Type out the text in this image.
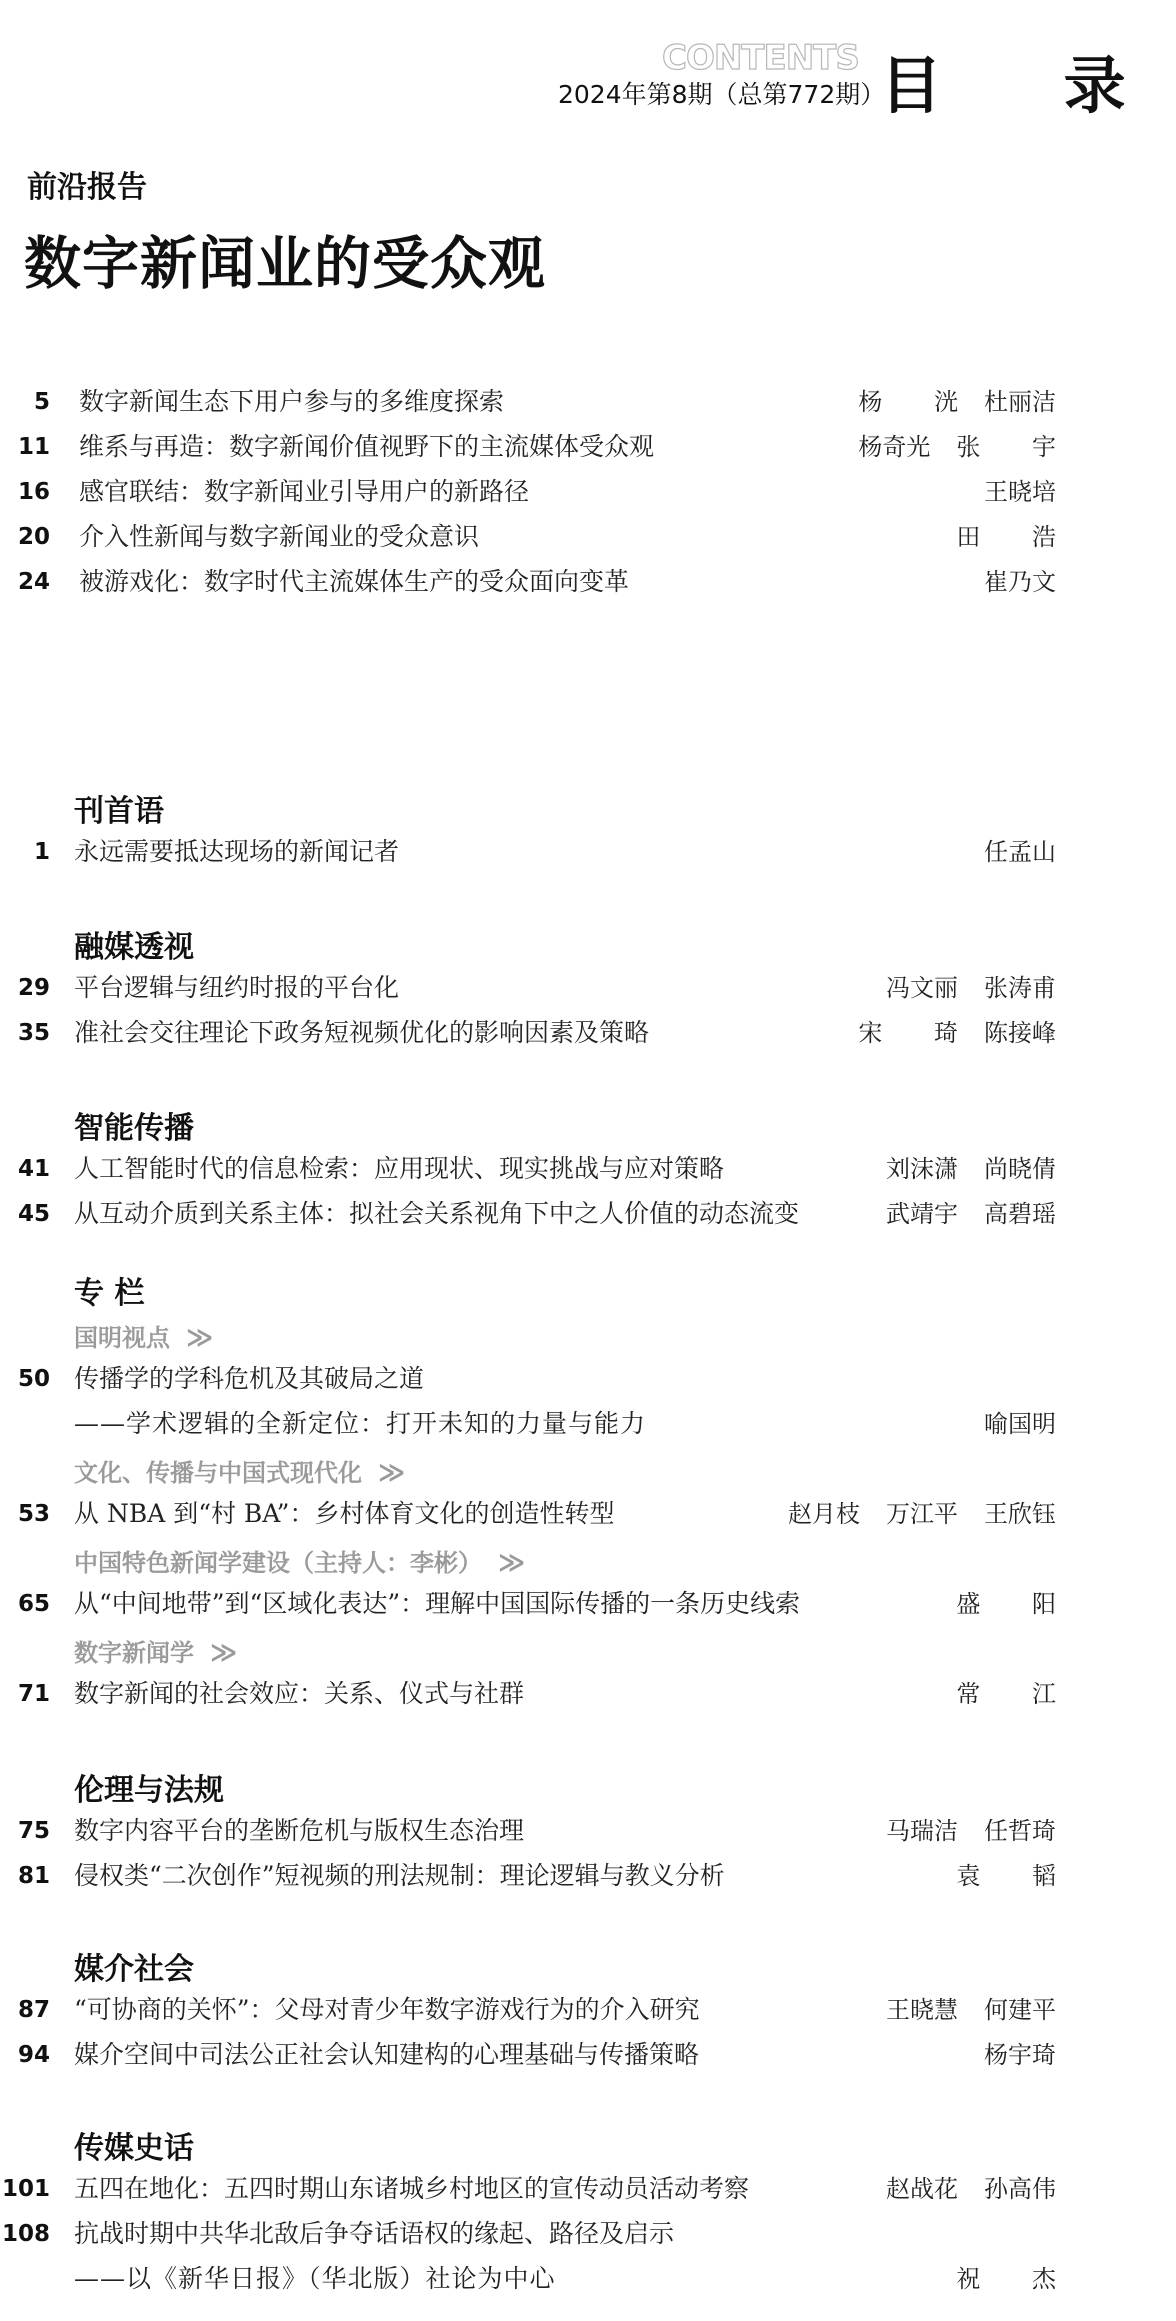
CONTENTS
2024年第8期（总第772期）
目 录
前沿报告
数字新闻业的受众观
5 数字新闻生态下用户参与的多维度探索	杨 洸 杜丽洁
11 维系与再造：数字新闻价值视野下的主流媒体受众观	杨奇光 张 宇
16 感官联结：数字新闻业引导用户的新路径	王晓培
20 介入性新闻与数字新闻业的受众意识	田 浩
24 被游戏化：数字时代主流媒体生产的受众面向变革	崔乃文
刊首语
1 永远需要抵达现场的新闻记者	任孟山
融媒透视
29 平台逻辑与纽约时报的平台化	冯文丽 张涛甫
35 准社会交往理论下政务短视频优化的影响因素及策略	宋 琦 陈接峰
智能传播
41 人工智能时代的信息检索：应用现状、现实挑战与应对策略	刘沫潇 尚晓倩
45 从互动介质到关系主体：拟社会关系视角下中之人价值的动态流变	武靖宇 高碧瑶
专 栏
国明视点 ≫
50 传播学的学科危机及其破局之道
——学术逻辑的全新定位：打开未知的力量与能力	喻国明
文化、传播与中国式现代化 ≫
53 从 NBA 到“村 BA”：乡村体育文化的创造性转型	赵月枝 万江平 王欣钰
中国特色新闻学建设（主持人：李彬） ≫
65 从“中间地带”到“区域化表达”：理解中国国际传播的一条历史线索	盛 阳
数字新闻学 ≫
71 数字新闻的社会效应：关系、仪式与社群	常 江
伦理与法规
75 数字内容平台的垄断危机与版权生态治理	马瑞洁 任哲琦
81 侵权类“二次创作”短视频的刑法规制：理论逻辑与教义分析	袁 韬
媒介社会
87 “可协商的关怀”：父母对青少年数字游戏行为的介入研究	王晓慧 何建平
94 媒介空间中司法公正社会认知建构的心理基础与传播策略	杨宇琦
传媒史话
101 五四在地化：五四时期山东诸城乡村地区的宣传动员活动考察	赵战花 孙高伟
108 抗战时期中共华北敌后争夺话语权的缘起、路径及启示
——以《新华日报》（华北版）社论为中心	祝 杰
